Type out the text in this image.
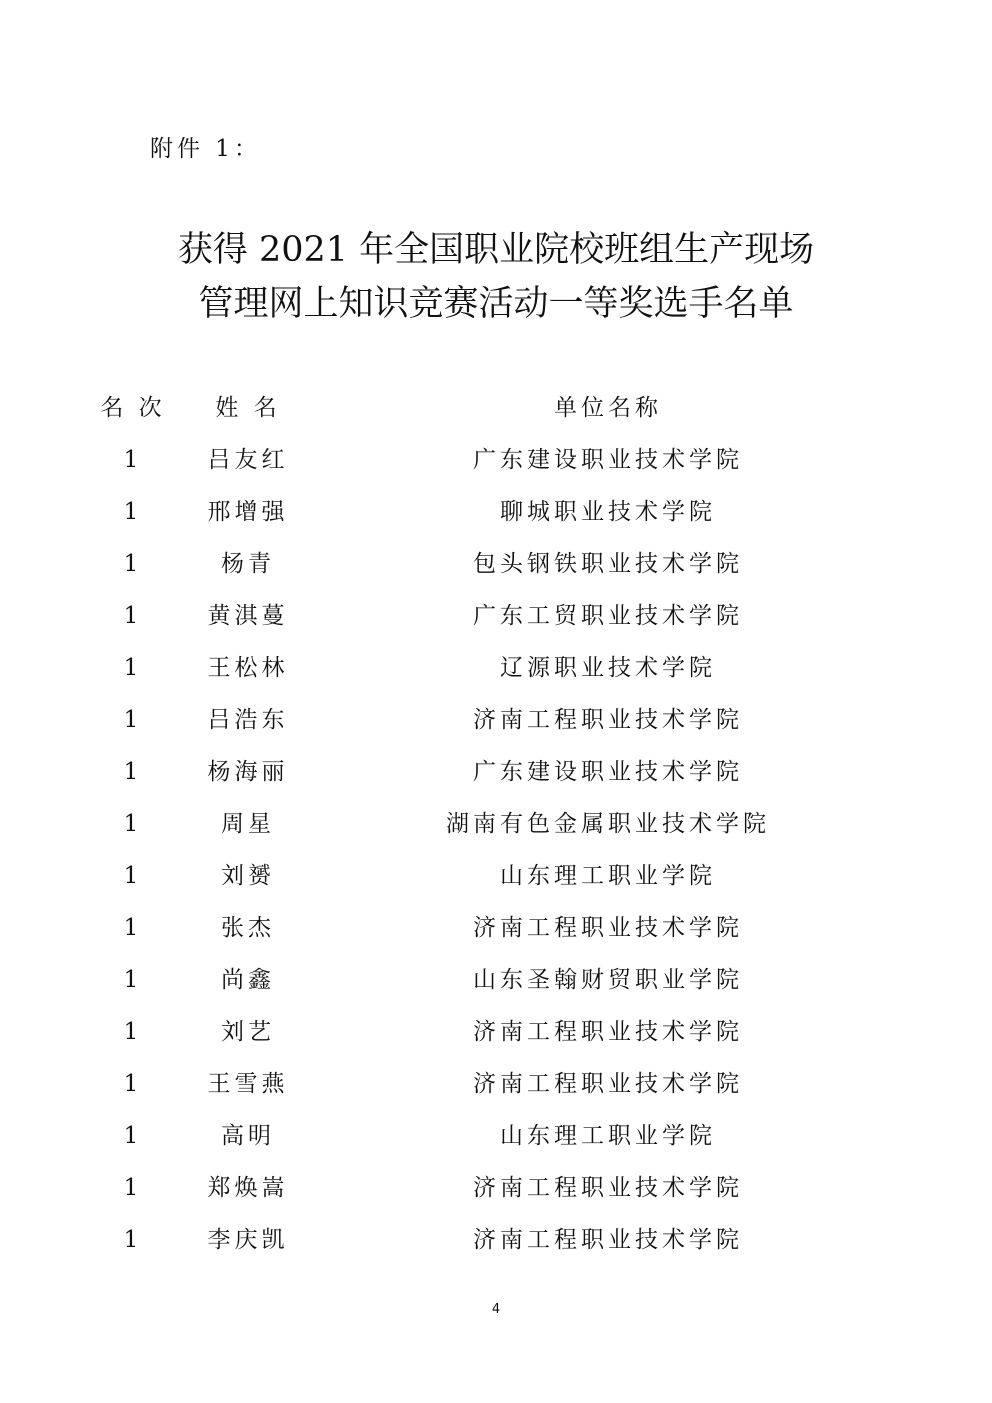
附件 1：
获得 2021 年全国职业院校班组生产现场
管理网上知识竞赛活动一等奖选手名单
名 次	姓 名	单位名称
1	吕友红	广东建设职业技术学院
1	邢增强	聊城职业技术学院
1	杨青	包头钢铁职业技术学院
1	黄淇蔓	广东工贸职业技术学院
1	王松林	辽源职业技术学院
1	吕浩东	济南工程职业技术学院
1	杨海丽	广东建设职业技术学院
1	周星	湖南有色金属职业技术学院
1	刘赟	山东理工职业学院
1	张杰	济南工程职业技术学院
1	尚鑫	山东圣翰财贸职业学院
1	刘艺	济南工程职业技术学院
1	王雪燕	济南工程职业技术学院
1	高明	山东理工职业学院
1	郑焕嵩	济南工程职业技术学院
1	李庆凯	济南工程职业技术学院
4
